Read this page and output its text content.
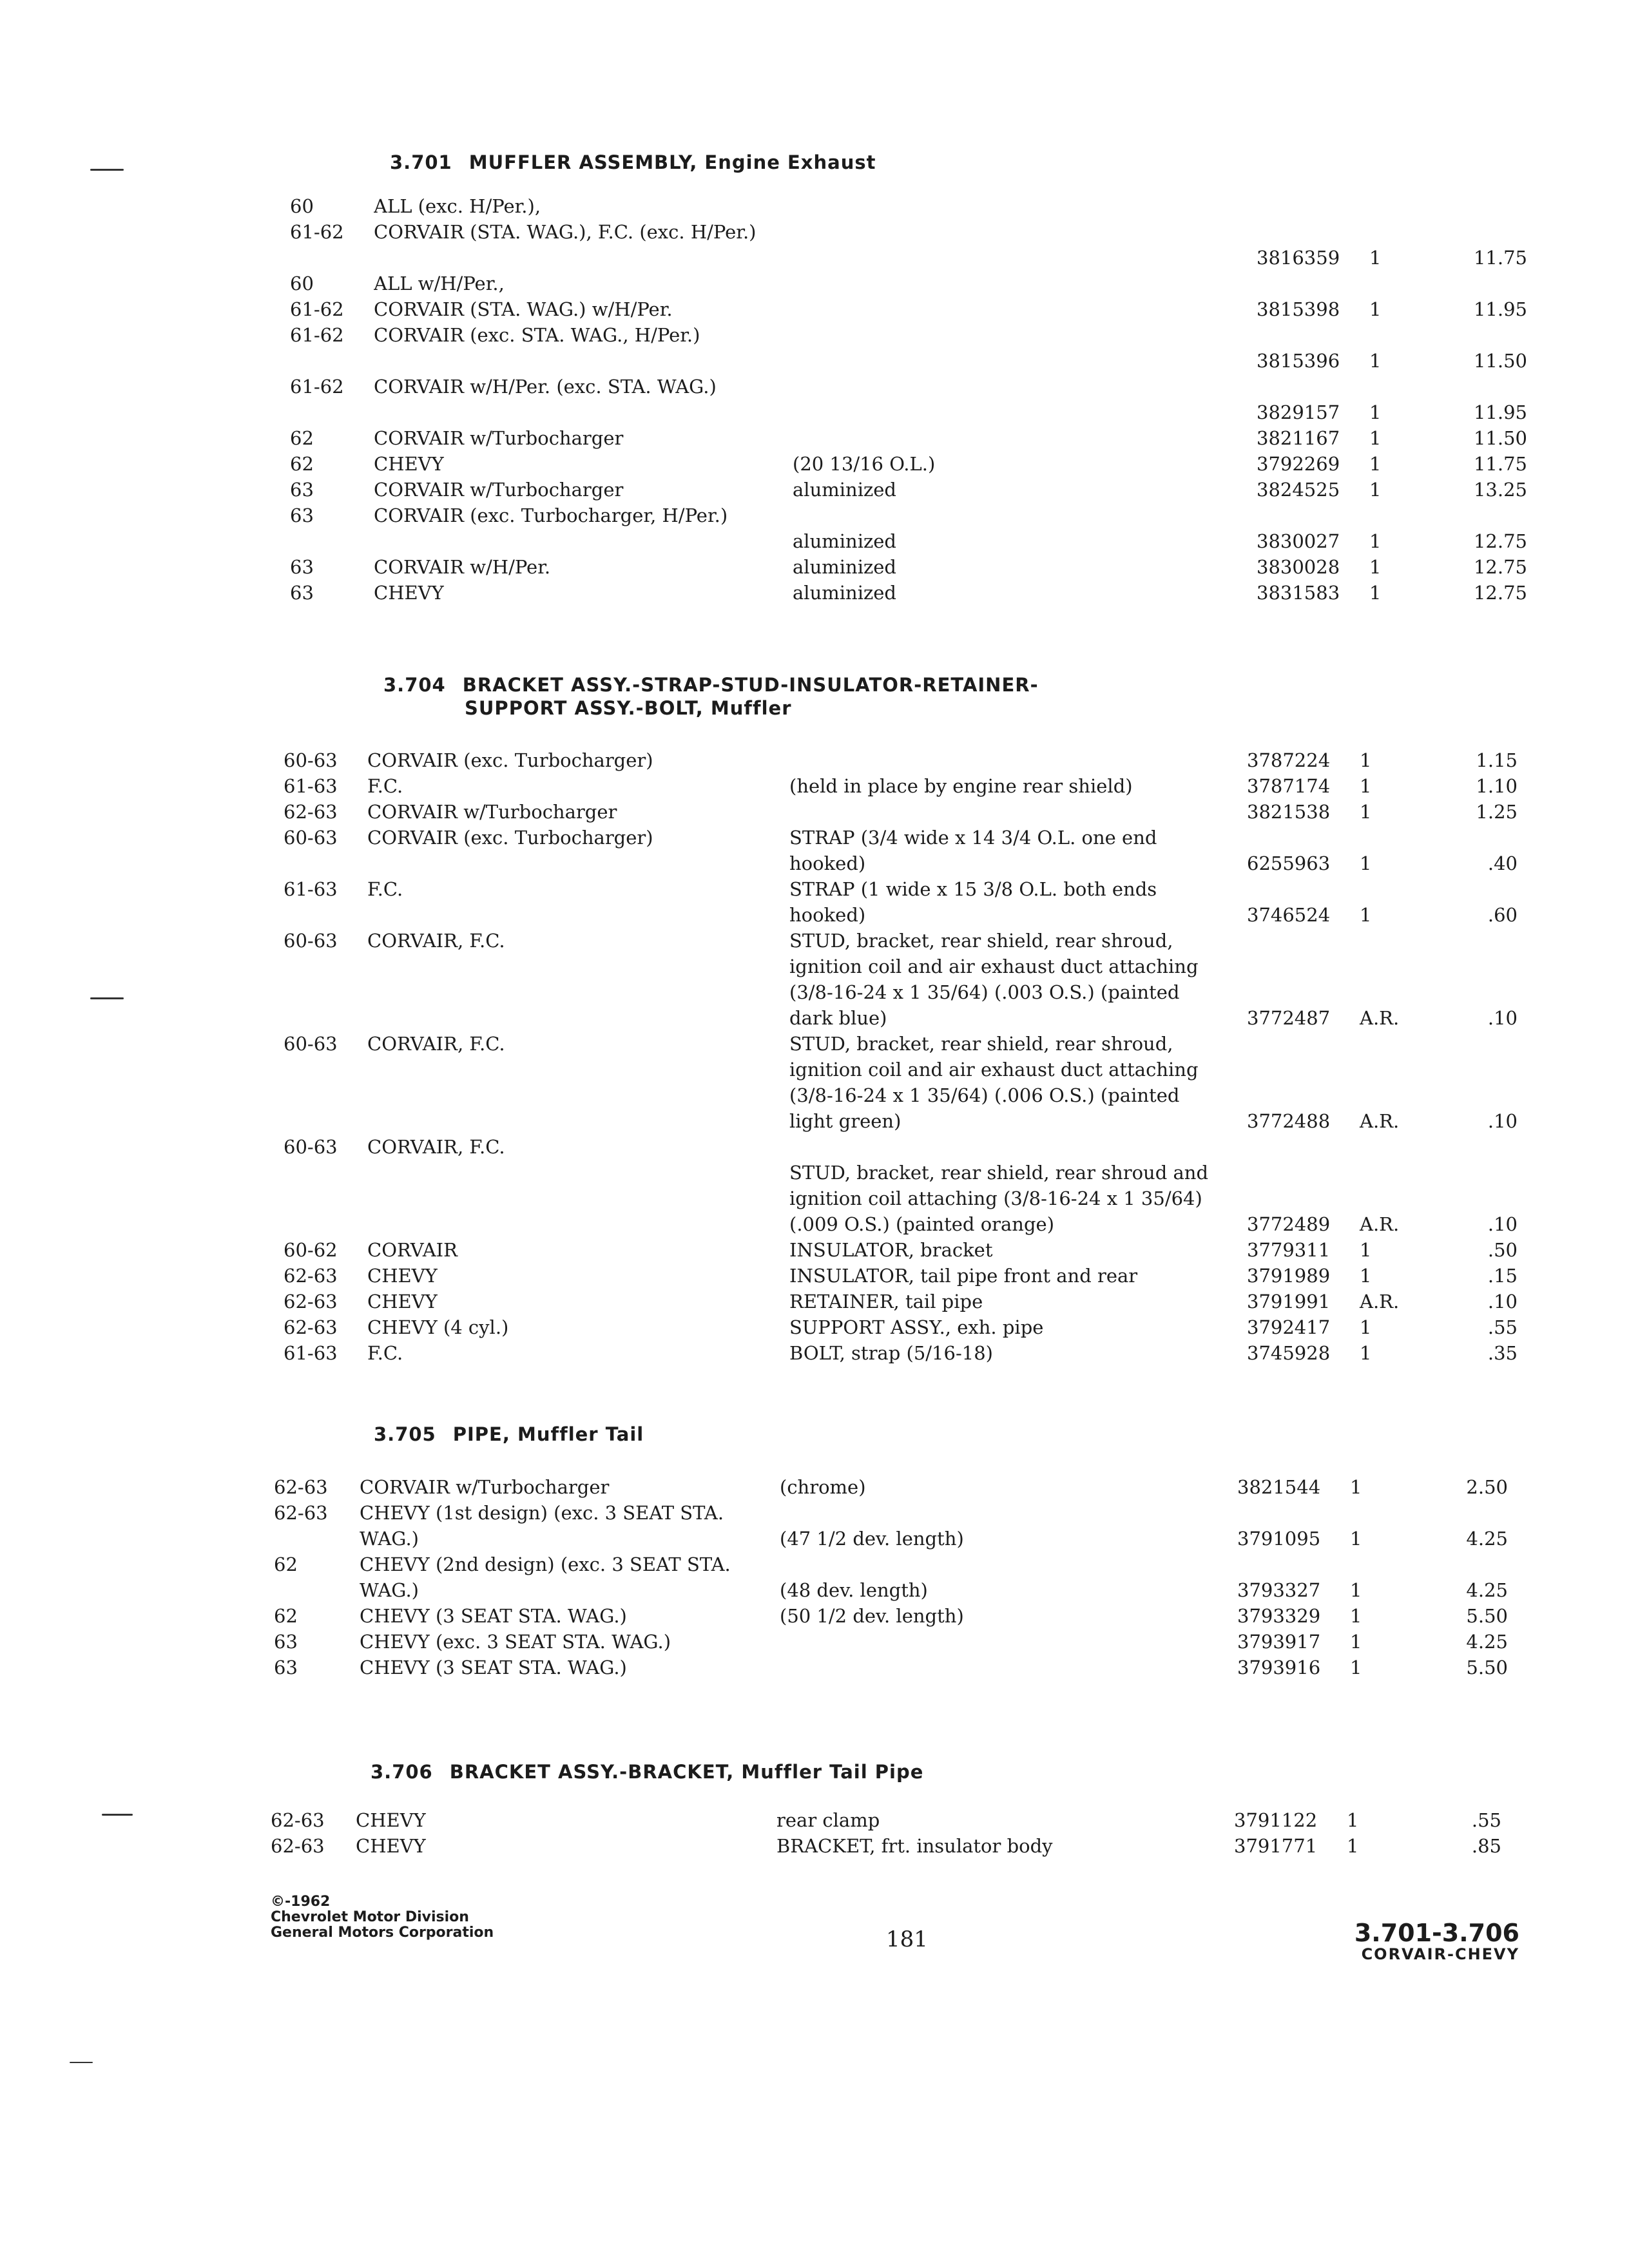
3.701 MUFFLER ASSEMBLY, Engine Exhaust
60	ALL (exc. H/Per.),
61-62	CORVAIR (STA. WAG.), F.C. (exc. H/Per.)
3816359	1	11.75
60	ALL w/H/Per.,
61-62	CORVAIR (STA. WAG.) w/H/Per.	3815398	1	11.95
61-62	CORVAIR (exc. STA. WAG., H/Per.)
3815396	1	11.50
61-62	CORVAIR w/H/Per. (exc. STA. WAG.)
3829157	1	11.95
62	CORVAIR w/Turbocharger	3821167	1	11.50
62	CHEVY	(20 13/16 O.L.)	3792269	1	11.75
63	CORVAIR w/Turbocharger	aluminized	3824525	1	13.25
63	CORVAIR (exc. Turbocharger, H/Per.)
aluminized	3830027	1	12.75
63	CORVAIR w/H/Per.	aluminized	3830028	1	12.75
63	CHEVY	aluminized	3831583	1	12.75
3.704 BRACKET ASSY.-STRAP-STUD-INSULATOR-RETAINER-
SUPPORT ASSY.-BOLT, Muffler
60-63	CORVAIR (exc. Turbocharger)	3787224	1	1.15
61-63	F.C.	(held in place by engine rear shield)	3787174	1	1.10
62-63	CORVAIR w/Turbocharger	3821538	1	1.25
60-63	CORVAIR (exc. Turbocharger)	STRAP (3/4 wide x 14 3/4 O.L. one end hooked)	6255963	1	.40
61-63	F.C.	STRAP (1 wide x 15 3/8 O.L. both ends hooked)	3746524	1	.60
60-63	CORVAIR, F.C.	STUD, bracket, rear shield, rear shroud, ignition coil and air exhaust duct attaching (3/8-16-24 x 1 35/64) (.003 O.S.) (painted dark blue)	3772487	A.R.	.10
60-63	CORVAIR, F.C.	STUD, bracket, rear shield, rear shroud, ignition coil and air exhaust duct attaching (3/8-16-24 x 1 35/64) (.006 O.S.) (painted light green)	3772488	A.R.	.10
60-63	CORVAIR, F.C.
STUD, bracket, rear shield, rear shroud and ignition coil attaching (3/8-16-24 x 1 35/64) (.009 O.S.) (painted orange)	3772489	A.R.	.10
60-62	CORVAIR	INSULATOR, bracket	3779311	1	.50
62-63	CHEVY	INSULATOR, tail pipe front and rear	3791989	1	.15
62-63	CHEVY	RETAINER, tail pipe	3791991	A.R.	.10
62-63	CHEVY (4 cyl.)	SUPPORT ASSY., exh. pipe	3792417	1	.55
61-63	F.C.	BOLT, strap (5/16-18)	3745928	1	.35
3.705 PIPE, Muffler Tail
62-63	CORVAIR w/Turbocharger	(chrome)	3821544	1	2.50
62-63	CHEVY (1st design) (exc. 3 SEAT STA. WAG.)	(47 1/2 dev. length)	3791095	1	4.25
62	CHEVY (2nd design) (exc. 3 SEAT STA. WAG.)	(48 dev. length)	3793327	1	4.25
62	CHEVY (3 SEAT STA. WAG.)	(50 1/2 dev. length)	3793329	1	5.50
63	CHEVY (exc. 3 SEAT STA. WAG.)	3793917	1	4.25
63	CHEVY (3 SEAT STA. WAG.)	3793916	1	5.50
3.706 BRACKET ASSY.-BRACKET, Muffler Tail Pipe
62-63	CHEVY	rear clamp	3791122	1	.55
62-63	CHEVY	BRACKET, frt. insulator body	3791771	1	.85
©-1962
Chevrolet Motor Division
General Motors Corporation	181	3.701-3.706
CORVAIR-CHEVY
